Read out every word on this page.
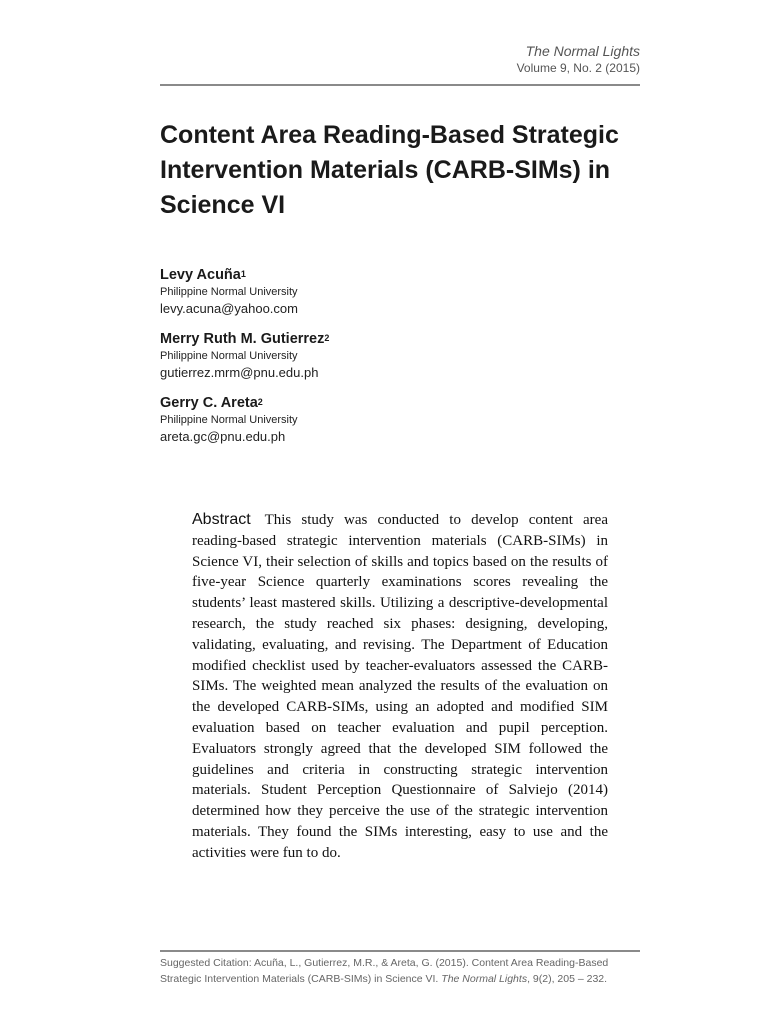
The Normal Lights
Volume 9, No. 2 (2015)
Content Area Reading-Based Strategic Intervention Materials (CARB-SIMs) in Science VI
Levy Acuña$^1$
Philippine Normal University
levy.acuna@yahoo.com
Merry Ruth M. Gutierrez$^2$
Philippine Normal University
gutierrez.mrm@pnu.edu.ph
Gerry C. Areta$^2$
Philippine Normal University
areta.gc@pnu.edu.ph
Abstract This study was conducted to develop content area reading-based strategic intervention materials (CARB-SIMs) in Science VI, their selection of skills and topics based on the results of five-year Science quarterly examinations scores revealing the students’ least mastered skills. Utilizing a descriptive-developmental research, the study reached six phases: designing, developing, validating, evaluating, and revising. The Department of Education modified checklist used by teacher-evaluators assessed the CARB-SIMs. The weighted mean analyzed the results of the evaluation on the developed CARB-SIMs, using an adopted and modified SIM evaluation based on teacher evaluation and pupil perception. Evaluators strongly agreed that the developed SIM followed the guidelines and criteria in constructing strategic intervention materials. Student Perception Questionnaire of Salviejo (2014) determined how they perceive the use of the strategic intervention materials. They found the SIMs interesting, easy to use and the activities were fun to do.
Suggested Citation: Acuña, L., Gutierrez, M.R., & Areta, G. (2015). Content Area Reading-Based Strategic Intervention Materials (CARB-SIMs) in Science VI. The Normal Lights, 9(2), 205 – 232.
